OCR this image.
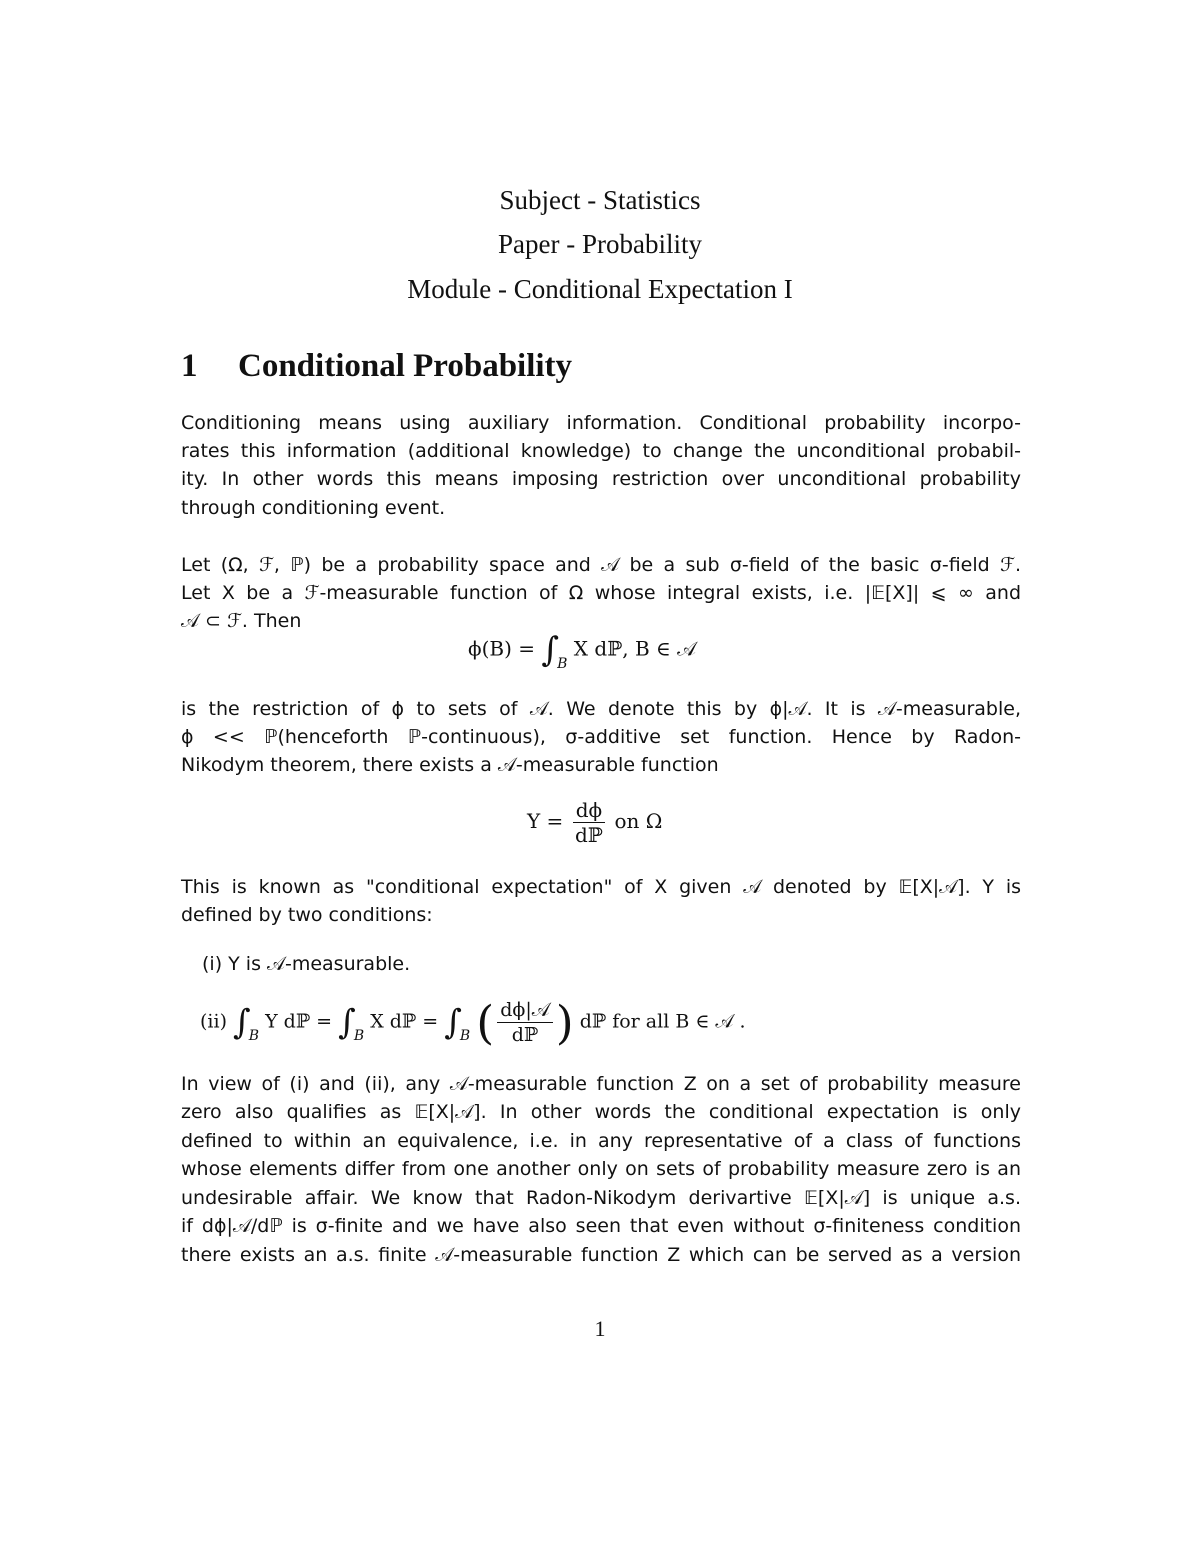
Subject - Statistics
Paper - Probability
Module - Conditional Expectation I
1 Conditional Probability
Conditioning means using auxiliary information. Conditional probability incorpo-
rates this information (additional knowledge) to change the unconditional probabil-
ity. In other words this means imposing restriction over unconditional probability
through conditioning event.
Let (Ω, ℱ, ℙ) be a probability space and 𝒜 be a sub σ-field of the basic σ-field ℱ.
Let X be a ℱ-measurable function of Ω whose integral exists, i.e. |𝔼[X]| ⩽ ∞ and
𝒜 ⊂ ℱ. Then
$\phi(B) = \int_B$ X dℙ, B ∈ 𝒜
is the restriction of ϕ to sets of 𝒜. We denote this by ϕ|𝒜. It is 𝒜-measurable,
ϕ << ℙ(henceforth ℙ-continuous), σ-additive set function. Hence by Radon-
Nikodym theorem, there exists a 𝒜-measurable function
$Y = \frac{d\phi}{\text{dℙ}}$ on Ω
This is known as "conditional expectation" of X given 𝒜 denoted by 𝔼[X|𝒜]. Y is
defined by two conditions:
(i) Y is 𝒜-measurable.
(ii) $\int_B$ Y dℙ = $\int_B$ X dℙ = $\int_B$ ( $\frac{\text{dϕ|𝒜}}{\text{dℙ}}$ ) dℙ for all B ∈ 𝒜 .
In view of (i) and (ii), any 𝒜-measurable function Z on a set of probability measure
zero also qualifies as 𝔼[X|𝒜]. In other words the conditional expectation is only
defined to within an equivalence, i.e. in any representative of a class of functions
whose elements differ from one another only on sets of probability measure zero is an
undesirable affair. We know that Radon-Nikodym derivartive 𝔼[X|𝒜] is unique a.s.
if dϕ|𝒜/dℙ is σ-finite and we have also seen that even without σ-finiteness condition
there exists an a.s. finite 𝒜-measurable function Z which can be served as a version
1
